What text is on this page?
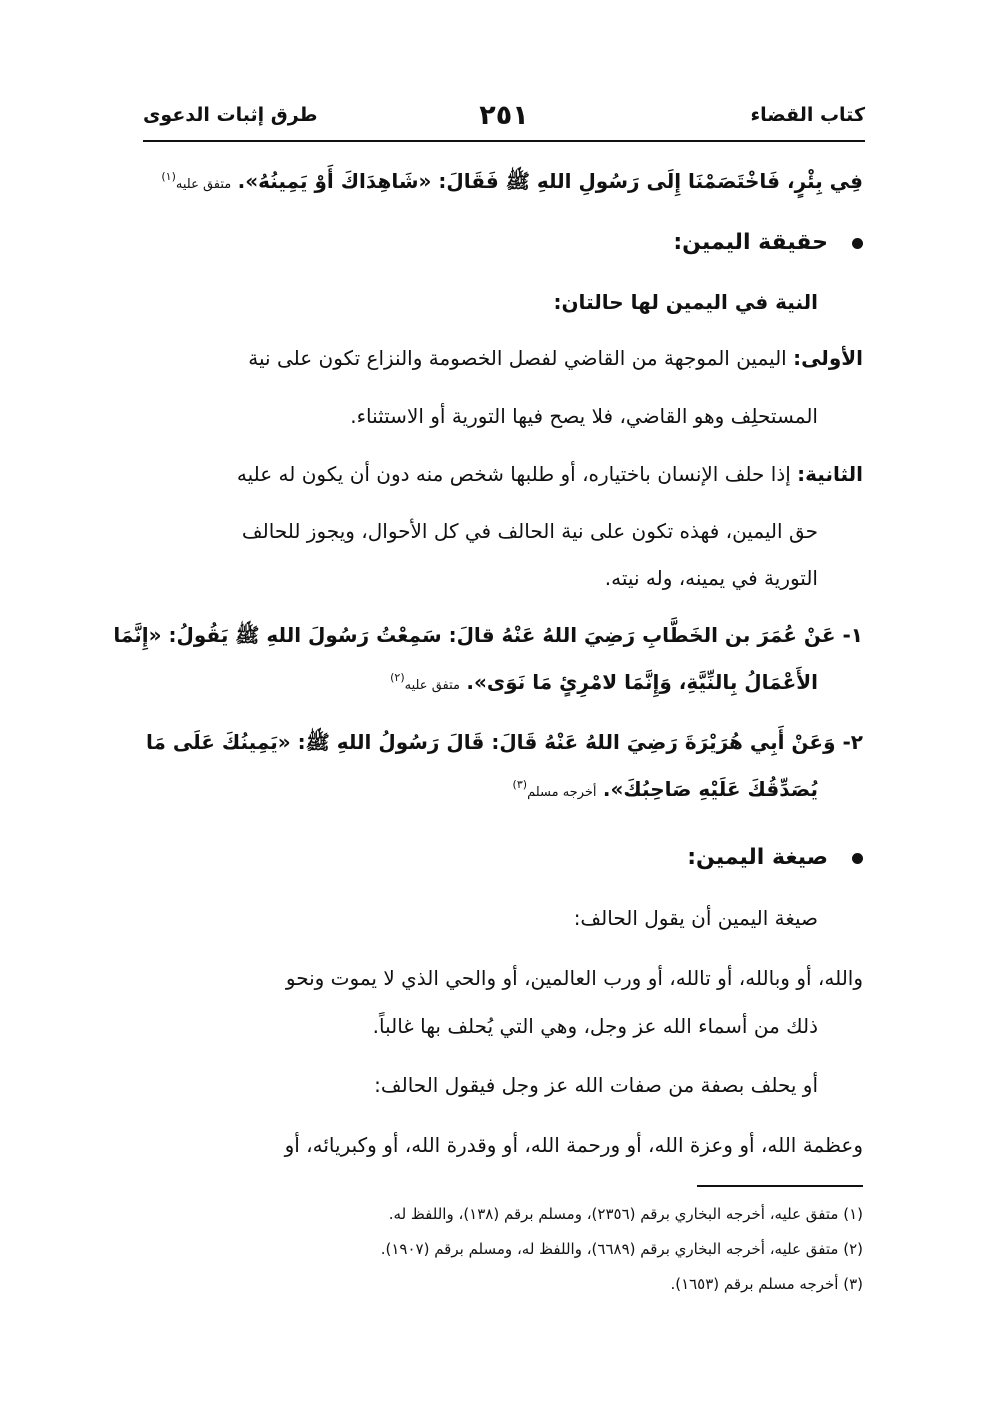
كتاب القضاء
٢٥١
طرق إثبات الدعوى
فِي بِئْرٍ، فَاخْتَصَمْنَا إِلَى رَسُولِ اللهِ ﷺ فَقَالَ: «شَاهِدَاكَ أَوْ يَمِينُهُ». متفق عليه$^{(١)}$
حقيقة اليمين:
النية في اليمين لها حالتان:
الأولى: اليمين الموجهة من القاضي لفصل الخصومة والنزاع تكون على نية
المستحلِف وهو القاضي، فلا يصح فيها التورية أو الاستثناء.
الثانية: إذا حلف الإنسان باختياره، أو طلبها شخص منه دون أن يكون له عليه
حق اليمين، فهذه تكون على نية الحالف في كل الأحوال، ويجوز للحالف
التورية في يمينه، وله نيته.
١- عَنْ عُمَرَ بن الخَطَّابِ رَضِيَ اللهُ عَنْهُ قالَ: سَمِعْتُ رَسُولَ اللهِ ﷺ يَقُولُ: «إِنَّمَا
الأَعْمَالُ بِالنِّيَّةِ، وَإِنَّمَا لامْرِئٍ مَا نَوَى». متفق عليه$^{(٢)}$
٢- وَعَنْ أَبِي هُرَيْرَةَ رَضِيَ اللهُ عَنْهُ قَالَ: قَالَ رَسُولُ اللهِ ﷺ: «يَمِينُكَ عَلَى مَا
يُصَدِّقُكَ عَلَيْهِ صَاحِبُكَ». أخرجه مسلم$^{(٣)}$
صيغة اليمين:
صيغة اليمين أن يقول الحالف:
والله، أو وبالله، أو تالله، أو ورب العالمين، أو والحي الذي لا يموت ونحو
ذلك من أسماء الله عز وجل، وهي التي يُحلف بها غالباً.
أو يحلف بصفة من صفات الله عز وجل فيقول الحالف:
وعظمة الله، أو وعزة الله، أو ورحمة الله، أو وقدرة الله، أو وكبريائه، أو
(١) متفق عليه، أخرجه البخاري برقم (٢٣٥٦)، ومسلم برقم (١٣٨)، واللفظ له.
(٢) متفق عليه، أخرجه البخاري برقم (٦٦٨٩)، واللفظ له، ومسلم برقم (١٩٠٧).
(٣) أخرجه مسلم برقم (١٦٥٣).
